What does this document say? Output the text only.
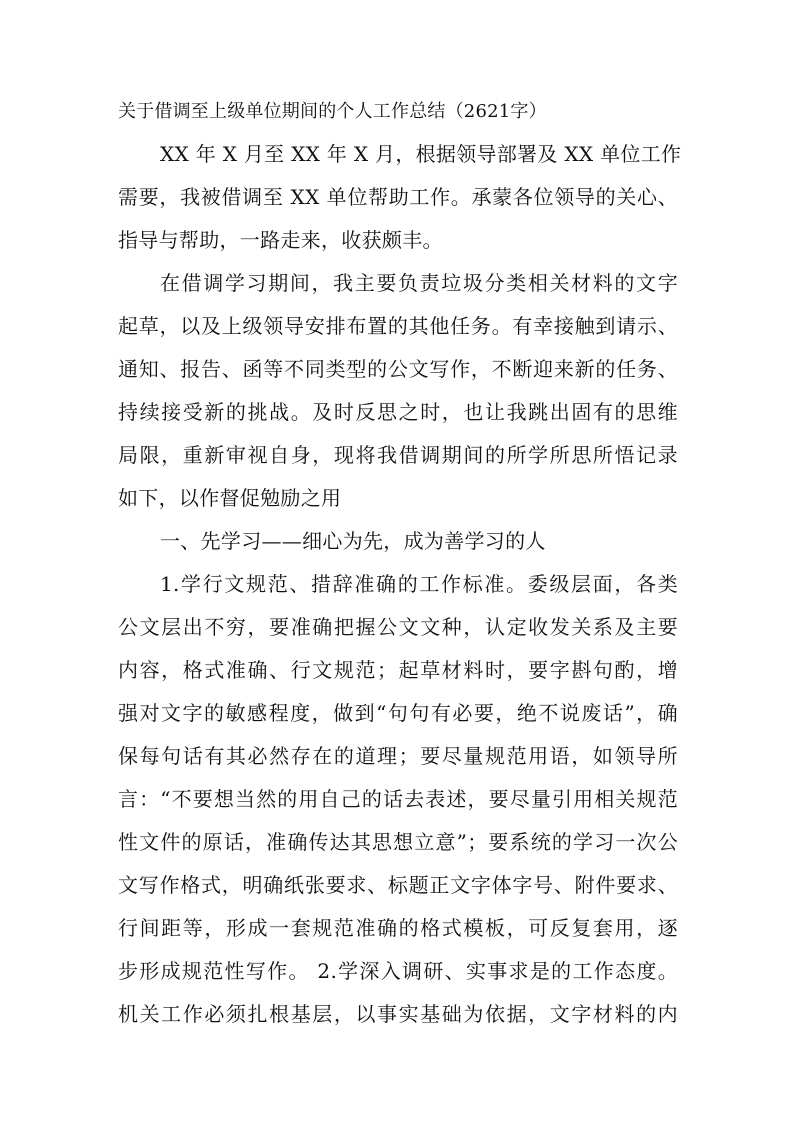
关于借调至上级单位期间的个人工作总结（2621字）
XX 年 X 月至 XX 年 X 月，根据领导部署及 XX 单位工作
需要，我被借调至 XX 单位帮助工作。承蒙各位领导的关心、
指导与帮助，一路走来，收获颇丰。
在借调学习期间，我主要负责垃圾分类相关材料的文字
起草，以及上级领导安排布置的其他任务。有幸接触到请示、
通知、报告、函等不同类型的公文写作，不断迎来新的任务、
持续接受新的挑战。及时反思之时，也让我跳出固有的思维
局限，重新审视自身，现将我借调期间的所学所思所悟记录
如下，以作督促勉励之用
一、先学习——细心为先，成为善学习的人
1.学行文规范、措辞准确的工作标准。委级层面，各类
公文层出不穷，要准确把握公文文种，认定收发关系及主要
内容，格式准确、行文规范；起草材料时，要字斟句酌，增
强对文字的敏感程度，做到“句句有必要，绝不说废话”，确
保每句话有其必然存在的道理；要尽量规范用语，如领导所
言：“不要想当然的用自己的话去表述，要尽量引用相关规范
性文件的原话，准确传达其思想立意”；要系统的学习一次公
文写作格式，明确纸张要求、标题正文字体字号、附件要求、
行间距等，形成一套规范准确的格式模板，可反复套用，逐
步形成规范性写作。 2.学深入调研、实事求是的工作态度。
机关工作必须扎根基层，以事实基础为依据，文字材料的内
